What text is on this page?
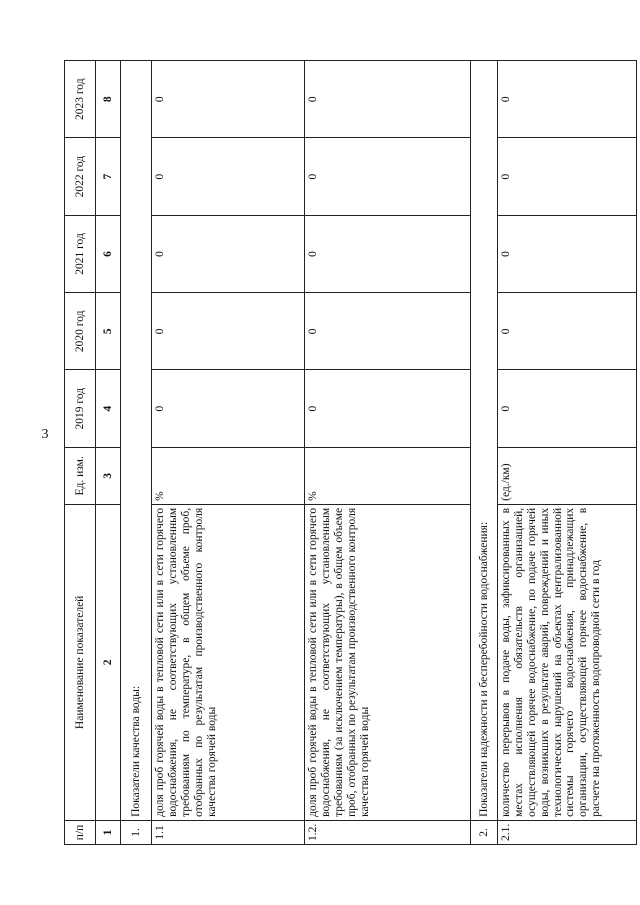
3
п/п	Наименование показателей	Ед. изм.	2019 год	2020 год	2021 год	2022 год	2023 год
1	2	3	4	5	6	7	8
1.	Показатели качества воды:						
1.1	доля проб горячей воды в тепловой сети или в сети горячего водоснабжения, не соответствующих установленным требованиям по температуре, в общем объеме проб, отобранных по результатам производственного контроля качества горячей воды	%	0	0	0	0	0
1.2.	доля проб горячей воды в тепловой сети или в сети горячего водоснабжения, не соответствующих установленным требованиям (за исключением температуры), в общем объеме проб, отобранных по результатам производственного контроля качества горячей воды	%	0	0	0	0	0
2.	Показатели надежности и бесперебойности водоснабжения:						
2.1.	количество перерывов в подаче воды, зафиксированных в местах исполнения обязательств организацией, осуществляющей горячее водоснабжение, по подаче горячей воды, возникших в результате аварий, повреждений и иных технологических нарушений на объектах централизованной системы горячего водоснабжения, принадлежащих организации, осуществляющей горячее водоснабжение, в расчете на протяженность водопроводной сети в год	(ед./км)	0	0	0	0	0
